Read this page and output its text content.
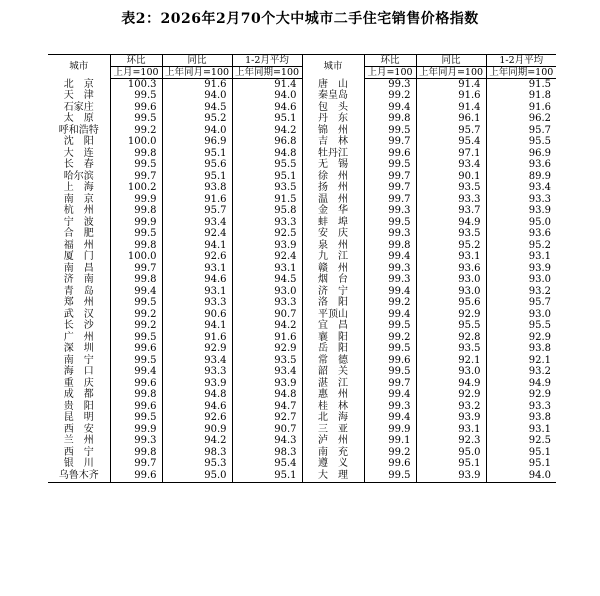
表2：2026年2月70个大中城市二手住宅销售价格指数
城市	环比	同比	1-2月平均	城市	环比	同比	1-2月平均
	上月=100	上年同月=100	上年同期=100		上月=100	上年同月=100	上年同期=100
北　京	100.3	91.6	91.4	唐　山	99.3	91.4	91.5
天　津	99.5	94.0	94.0	秦皇岛	99.2	91.6	91.8
石家庄	99.6	94.5	94.6	包　头	99.4	91.4	91.6
太　原	99.5	95.2	95.1	丹　东	99.8	96.1	96.2
呼和浩特	99.2	94.0	94.2	锦　州	99.5	95.7	95.7
沈　阳	100.0	96.9	96.8	吉　林	99.7	95.4	95.5
大　连	99.8	95.1	94.8	牡丹江	99.6	97.1	96.9
长　春	99.5	95.6	95.5	无　锡	99.5	93.4	93.6
哈尔滨	99.7	95.1	95.1	徐　州	99.7	90.1	89.9
上　海	100.2	93.8	93.5	扬　州	99.7	93.5	93.4
南　京	99.9	91.6	91.5	温　州	99.7	93.3	93.3
杭　州	99.8	95.7	95.8	金　华	99.3	93.7	93.9
宁　波	99.9	93.4	93.3	蚌　埠	99.5	94.9	95.0
合　肥	99.5	92.4	92.5	安　庆	99.3	93.5	93.6
福　州	99.8	94.1	93.9	泉　州	99.8	95.2	95.2
厦　门	100.0	92.6	92.4	九　江	99.4	93.1	93.1
南　昌	99.7	93.1	93.1	赣　州	99.3	93.6	93.9
济　南	99.8	94.6	94.5	烟　台	99.3	93.0	93.0
青　岛	99.4	93.1	93.0	济　宁	99.4	93.0	93.2
郑　州	99.5	93.3	93.3	洛　阳	99.2	95.6	95.7
武　汉	99.2	90.6	90.7	平顶山	99.4	92.9	93.0
长　沙	99.2	94.1	94.2	宜　昌	99.5	95.5	95.5
广　州	99.5	91.6	91.6	襄　阳	99.2	92.8	92.9
深　圳	99.6	92.9	92.9	岳　阳	99.5	93.5	93.8
南　宁	99.5	93.4	93.5	常　德	99.6	92.1	92.1
海　口	99.4	93.3	93.4	韶　关	99.5	93.0	93.2
重　庆	99.6	93.9	93.9	湛　江	99.7	94.9	94.9
成　都	99.8	94.8	94.8	惠　州	99.4	92.9	92.9
贵　阳	99.6	94.6	94.7	桂　林	99.3	93.2	93.3
昆　明	99.5	92.6	92.7	北　海	99.4	93.9	93.8
西　安	99.9	90.9	90.7	三　亚	99.9	93.1	93.1
兰　州	99.3	94.2	94.3	泸　州	99.1	92.3	92.5
西　宁	99.8	98.3	98.3	南　充	99.2	95.0	95.1
银　川	99.7	95.3	95.4	遵　义	99.6	95.1	95.1
乌鲁木齐	99.6	95.0	95.1	大　理	99.5	93.9	94.0
